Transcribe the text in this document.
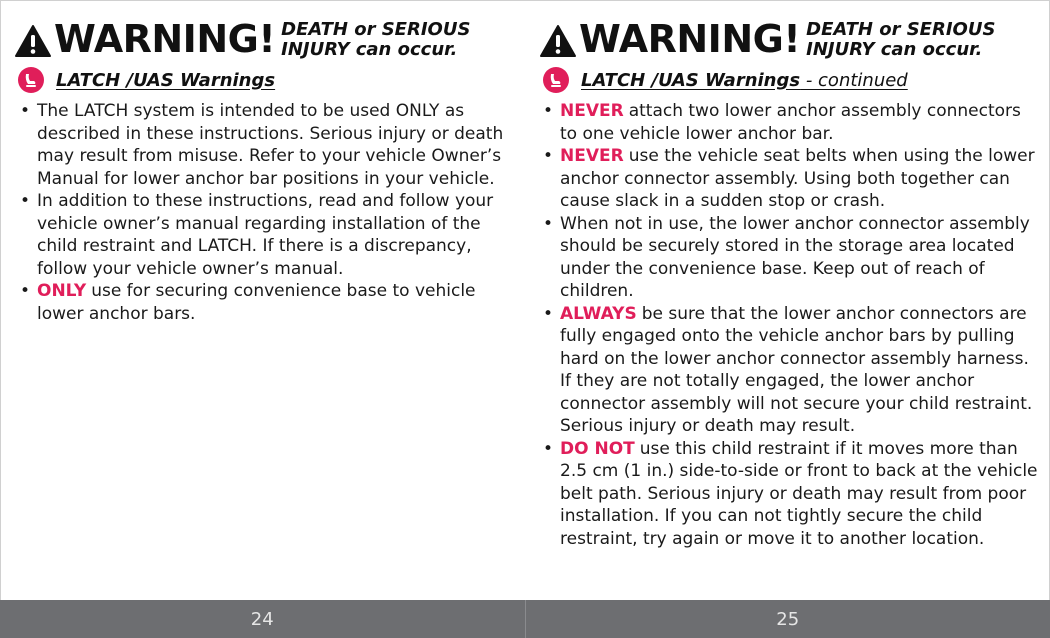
WARNING! DEATH or SERIOUS
INJURY can occur.
LATCH /UAS Warnings
• The LATCH system is intended to be used ONLY as described in these instructions. Serious injury or death may result from misuse. Refer to your vehicle Owner’s Manual for lower anchor bar positions in your vehicle.
• In addition to these instructions, read and follow your vehicle owner’s manual regarding installation of the child restraint and LATCH. If there is a discrepancy, follow your vehicle owner’s manual.
• ONLY use for securing convenience base to vehicle lower anchor bars.
WARNING! DEATH or SERIOUS
INJURY can occur.
LATCH /UAS Warnings - continued
• NEVER attach two lower anchor assembly connectors to one vehicle lower anchor bar.
• NEVER use the vehicle seat belts when using the lower anchor connector assembly. Using both together can cause slack in a sudden stop or crash.
• When not in use, the lower anchor connector assembly should be securely stored in the storage area located under the convenience base. Keep out of reach of children.
• ALWAYS be sure that the lower anchor connectors are fully engaged onto the vehicle anchor bars by pulling hard on the lower anchor connector assembly harness. If they are not totally engaged, the lower anchor connector assembly will not secure your child restraint. Serious injury or death may result.
• DO NOT use this child restraint if it moves more than 2.5 cm (1 in.) side-to-side or front to back at the vehicle belt path. Serious injury or death may result from poor installation. If you can not tightly secure the child restraint, try again or move it to another location.
24	25
